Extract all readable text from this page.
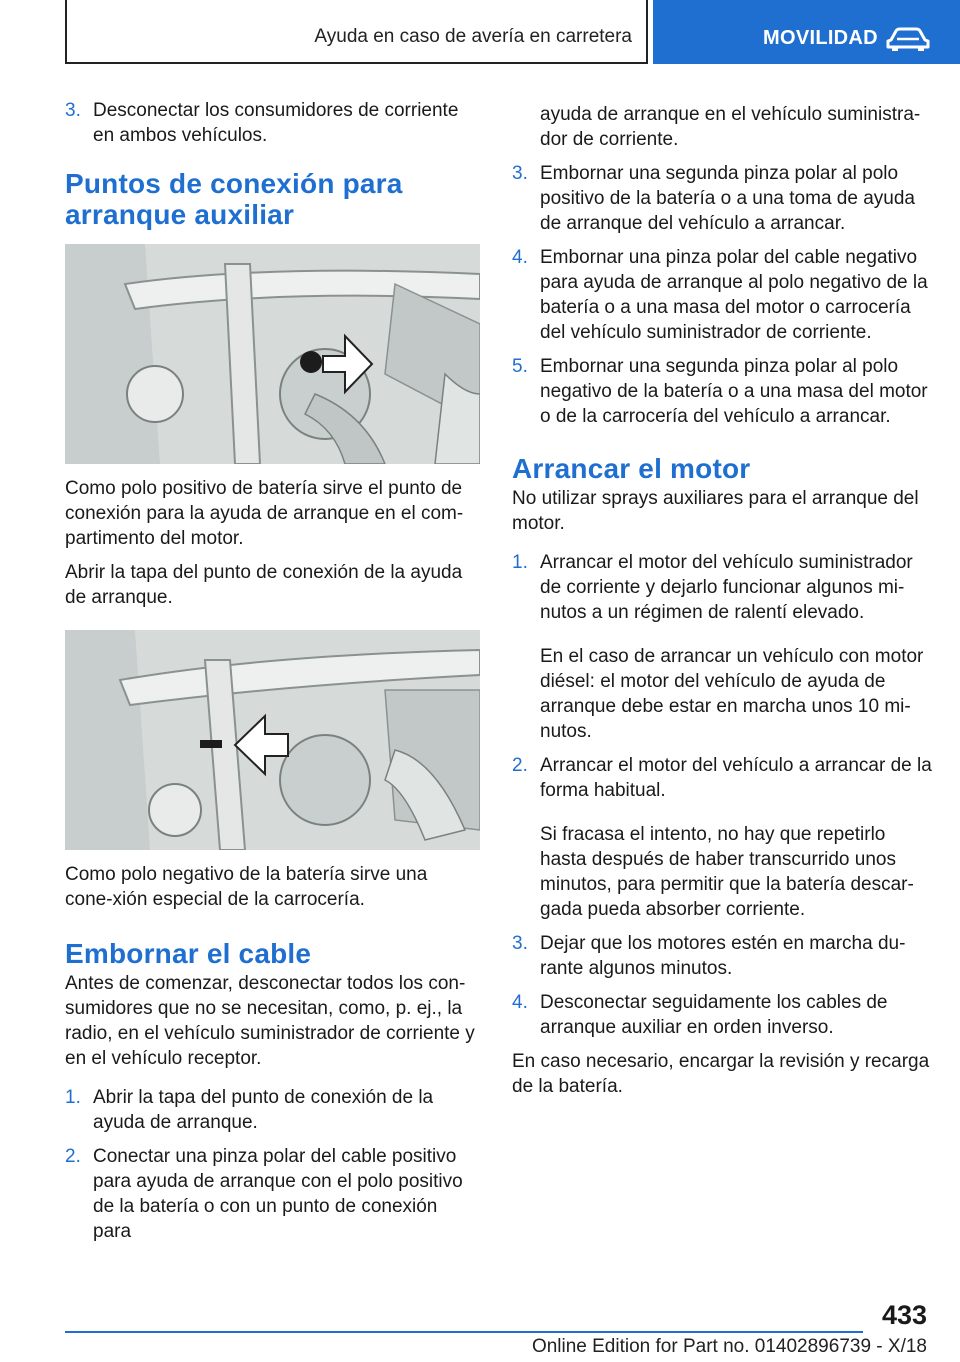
Ayuda en caso de avería en carretera	MOVILIDAD
3. Desconectar los consumidores de corriente en ambos vehículos.
Puntos de conexión para arranque auxiliar

Como polo positivo de batería sirve el punto de conexión para la ayuda de arranque en el com-partimento del motor.

Abrir la tapa del punto de conexión de la ayuda de arranque.

Como polo negativo de la batería sirve una cone-xión especial de la carrocería.

Embornar el cable

Antes de comenzar, desconectar todos los con-sumidores que no se necesitan, como, p. ej., la radio, en el vehículo suministrador de corriente y en el vehículo receptor.

1. Abrir la tapa del punto de conexión de la ayuda de arranque.
2. Conectar una pinza polar del cable positivo para ayuda de arranque con el polo positivo de la batería o con un punto de conexión para

ayuda de arranque en el vehículo suministra-dor de corriente.

3. Embornar una segunda pinza polar al polo positivo de la batería o a una toma de ayuda de arranque del vehículo a arrancar.
4. Embornar una pinza polar del cable negativo para ayuda de arranque al polo negativo de la batería o a una masa del motor o carrocería del vehículo suministrador de corriente.
5. Embornar una segunda pinza polar al polo negativo de la batería o a una masa del motor o de la carrocería del vehículo a arrancar.
Arrancar el motor

No utilizar sprays auxiliares para el arranque del motor.

1. Arrancar el motor del vehículo suministrador de corriente y dejarlo funcionar algunos mi-nutos a un régimen de ralentí elevado.

En el caso de arrancar un vehículo con motor diésel: el motor del vehículo de ayuda de arranque debe estar en marcha unos 10 mi-nutos.

2. Arrancar el motor del vehículo a arrancar de la forma habitual.

Si fracasa el intento, no hay que repetirlo hasta después de haber transcurrido unos minutos, para permitir que la batería descar-gada pueda absorber corriente.

3. Dejar que los motores estén en marcha du-rante algunos minutos.
4. Desconectar seguidamente los cables de arranque auxiliar en orden inverso.

En caso necesario, encargar la revisión y recarga de la batería.

433
Online Edition for Part no. 01402896739 - X/18
